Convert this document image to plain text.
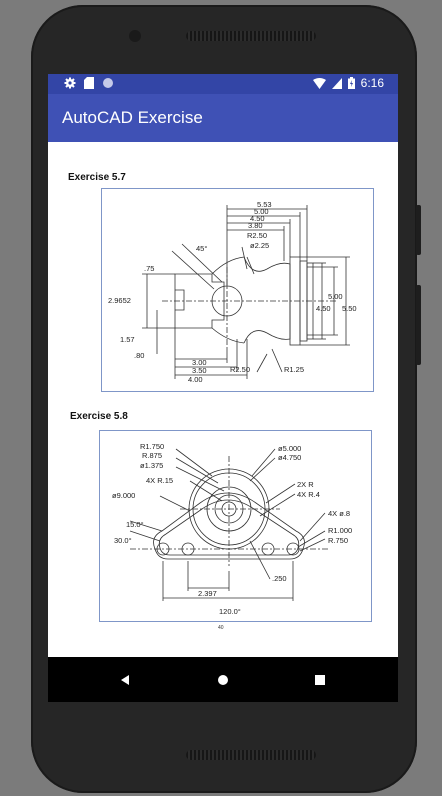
6:16
AutoCAD Exercise
Exercise 5.7
5.53
5.00
4.50
3.80
R2.50
ø2.25
45°
.75
2.9652
1.57
.80
3.00
3.50
4.00
R2.50	R1.25
5.00
4.50 5.50
Exercise 5.8
R1.750
R.875
ø1.375
4X R.15
ø9.000
15.0°
30.0°
ø5.000
ø4.750
2X R
4X R.4
4X ø.8
R1.000
R.750
.250
2.397
120.0°
40
